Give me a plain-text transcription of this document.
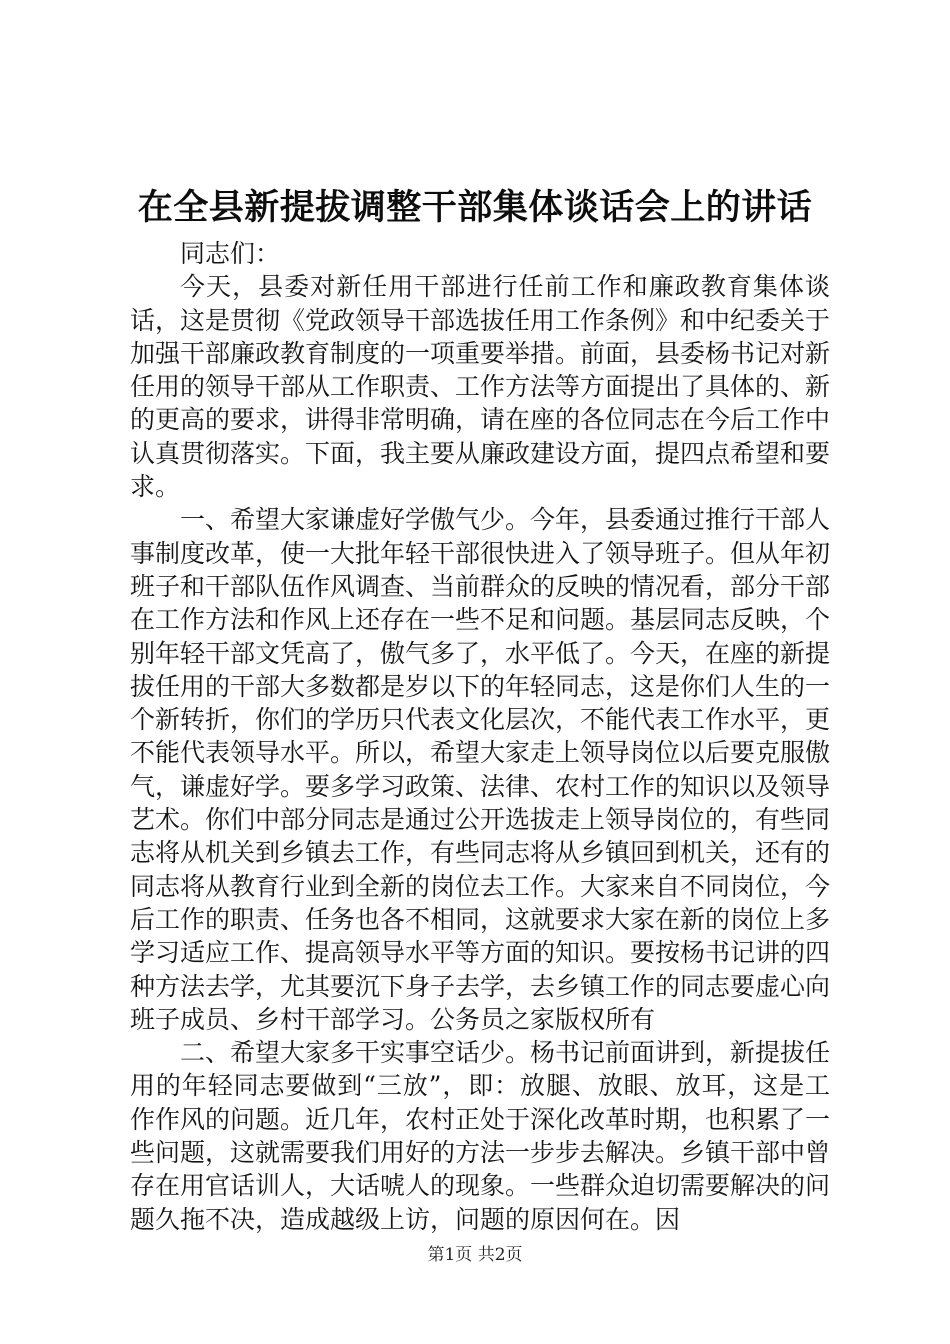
在全县新提拔调整干部集体谈话会上的讲话

同志们：

今天，县委对新任用干部进行任前工作和廉政教育集体谈话，这是贯彻《党政领导干部选拔任用工作条例》和中纪委关于加强干部廉政教育制度的一项重要举措。前面，县委杨书记对新任用的领导干部从工作职责、工作方法等方面提出了具体的、新的更高的要求，讲得非常明确，请在座的各位同志在今后工作中认真贯彻落实。下面，我主要从廉政建设方面，提四点希望和要求。

一、希望大家谦虚好学傲气少。今年，县委通过推行干部人事制度改革，使一大批年轻干部很快进入了领导班子。但从年初班子和干部队伍作风调查、当前群众的反映的情况看，部分干部在工作方法和作风上还存在一些不足和问题。基层同志反映，个别年轻干部文凭高了，傲气多了，水平低了。今天，在座的新提拔任用的干部大多数都是岁以下的年轻同志，这是你们人生的一个新转折，你们的学历只代表文化层次，不能代表工作水平，更不能代表领导水平。所以，希望大家走上领导岗位以后要克服傲气，谦虚好学。要多学习政策、法律、农村工作的知识以及领导艺术。你们中部分同志是通过公开选拔走上领导岗位的，有些同志将从机关到乡镇去工作，有些同志将从乡镇回到机关，还有的同志将从教育行业到全新的岗位去工作。大家来自不同岗位，今后工作的职责、任务也各不相同，这就要求大家在新的岗位上多学习适应工作、提高领导水平等方面的知识。要按杨书记讲的四种方法去学，尤其要沉下身子去学，去乡镇工作的同志要虚心向班子成员、乡村干部学习。公务员之家版权所有

二、希望大家多干实事空话少。杨书记前面讲到，新提拔任用的年轻同志要做到“三放”，即：放腿、放眼、放耳，这是工作作风的问题。近几年，农村正处于深化改革时期，也积累了一些问题，这就需要我们用好的方法一步步去解决。乡镇干部中曾存在用官话训人，大话唬人的现象。一些群众迫切需要解决的问题久拖不决，造成越级上访，问题的原因何在。因

第1页 共2页
